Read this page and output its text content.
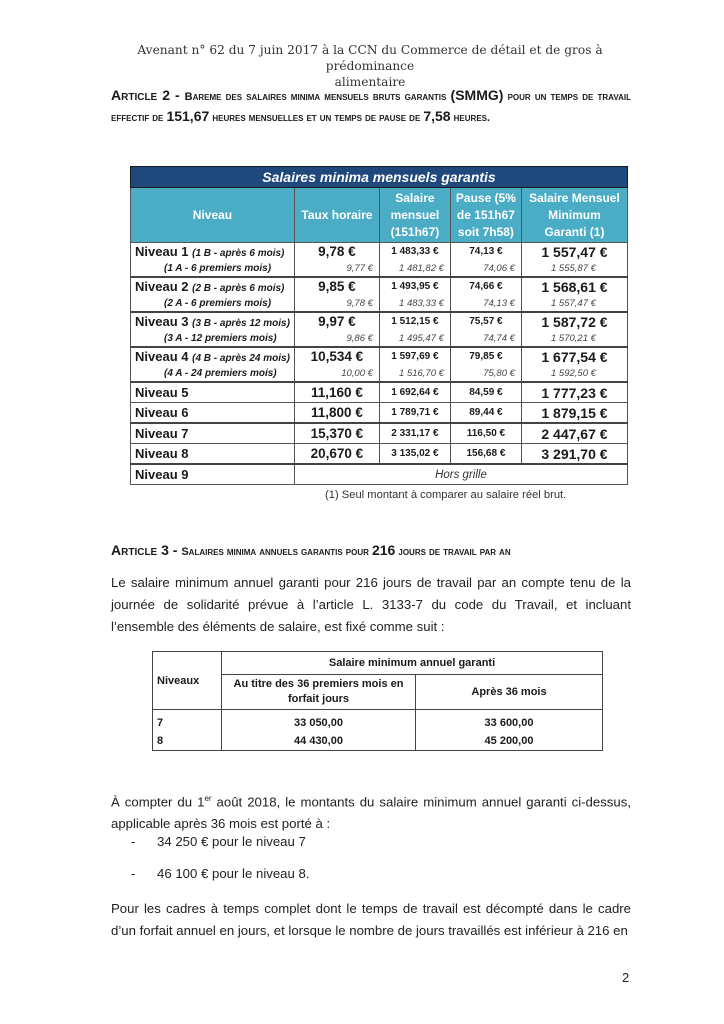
Avenant n° 62 du 7 juin 2017 à la CCN du Commerce de détail et de gros à prédominance
alimentaire
Article 2 - Bareme des salaires minima mensuels bruts garantis (SMMG) pour un temps de travail effectif de 151,67 heures mensuelles et un temps de pause de 7,58 heures.
Salaires minima mensuels garantis				
Niveau	Taux horaire	Salaire mensuel (151h67)	Pause (5% de 151h67 soit 7h58)	Salaire Mensuel Minimum Garanti (1)
Niveau 1 (1 B - après 6 mois)	9,78 €	1 483,33 €	74,13 €	1 557,47 €
(1 A - 6 premiers mois)	9,77 €	1 481,82 €	74,06 €	1 555,87 €
Niveau 2 (2 B - après 6 mois)	9,85 €	1 493,95 €	74,66 €	1 568,61 €
(2 A - 6 premiers mois)	9,78 €	1 483,33 €	74,13 €	1 557,47 €
Niveau 3 (3 B - après 12 mois)	9,97 €	1 512,15 €	75,57 €	1 587,72 €
(3 A - 12 premiers mois)	9,86 €	1 495,47 €	74,74 €	1 570,21 €
Niveau 4 (4 B - après 24 mois)	10,534 €	1 597,69 €	79,85 €	1 677,54 €
(4 A - 24 premiers mois)	10,00 €	1 516,70 €	75,80 €	1 592,50 €
Niveau 5	11,160 €	1 692,64 €	84,59 €	1 777,23 €
Niveau 6	11,800 €	1 789,71 €	89,44 €	1 879,15 €
Niveau 7	15,370 €	2 331,17 €	116,50 €	2 447,67 €
Niveau 8	20,670 €	3 135,02 €	156,68 €	3 291,70 €
Niveau 9	Hors grille			
(1) Seul montant à comparer au salaire réel brut.
Article 3 - Salaires minima annuels garantis pour 216 jours de travail par an
Le salaire minimum annuel garanti pour 216 jours de travail par an compte tenu de la journée de solidarité prévue à l’article L. 3133-7 du code du Travail, et incluant l’ensemble des éléments de salaire, est fixé comme suit :
Niveaux	Salaire minimum annuel garanti	
	Au titre des 36 premiers mois en forfait jours	Après 36 mois
7	33 050,00	33 600,00
8	44 430,00	45 200,00
À compter du 1er août 2018, le montants du salaire minimum annuel garanti ci-dessus, applicable après 36 mois est porté à :
- 34 250 € pour le niveau 7
- 46 100 € pour le niveau 8.
Pour les cadres à temps complet dont le temps de travail est décompté dans le cadre d’un forfait annuel en jours, et lorsque le nombre de jours travaillés est inférieur à 216 en
2
